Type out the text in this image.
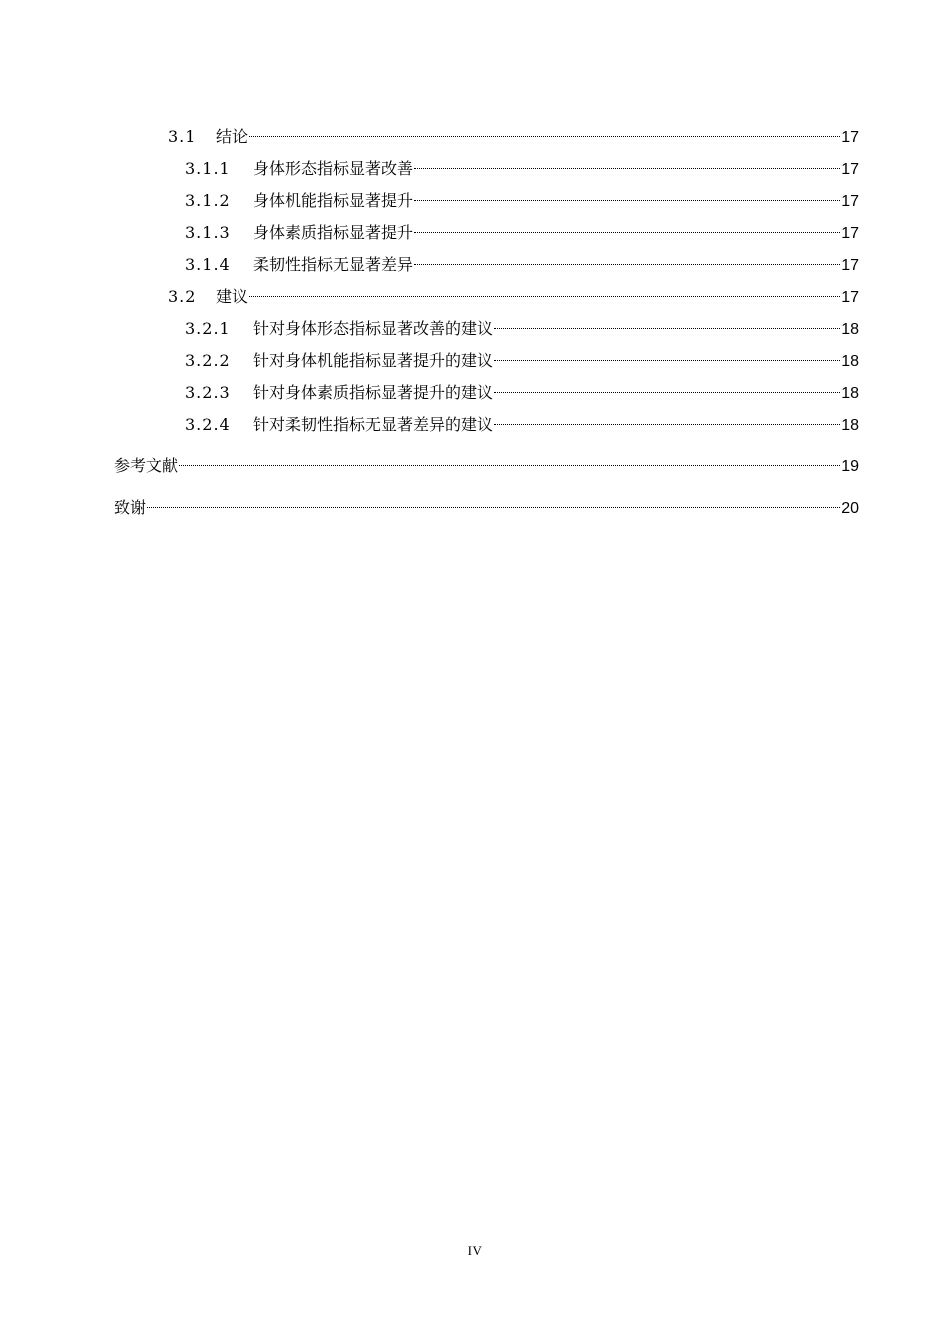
3.1	结论	17
3.1.1	身体形态指标显著改善	17
3.1.2	身体机能指标显著提升	17
3.1.3	身体素质指标显著提升	17
3.1.4	柔韧性指标无显著差异	17
3.2	建议	17
3.2.1	针对身体形态指标显著改善的建议	18
3.2.2	针对身体机能指标显著提升的建议	18
3.2.3	针对身体素质指标显著提升的建议	18
3.2.4	针对柔韧性指标无显著差异的建议	18
参考文献	19
致谢	20
IV
